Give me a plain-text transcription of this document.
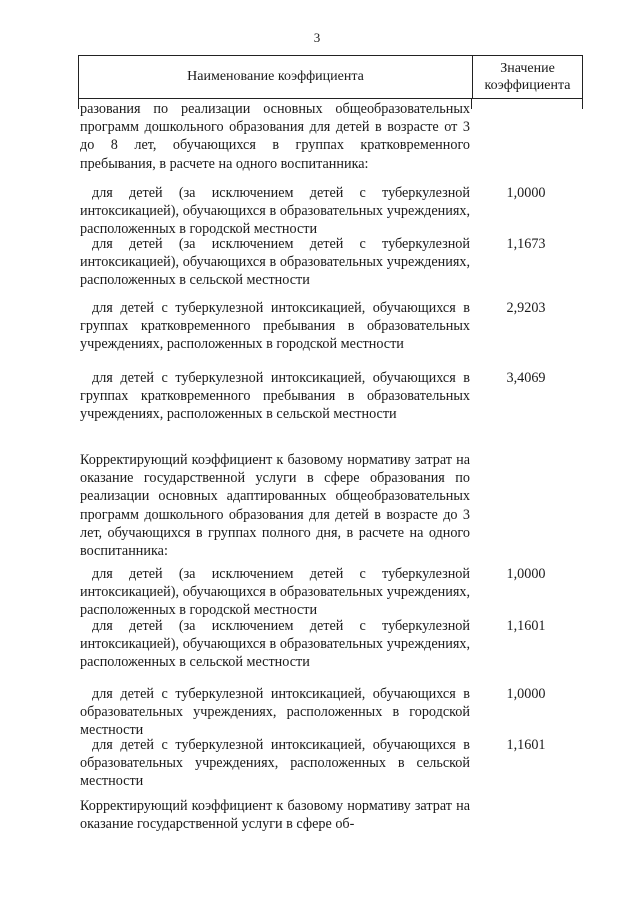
3
Наименование коэффициента
Значение
коэффициента

разования по реализации основных общеобразовательных программ дошкольного образования для детей в возрасте от 3 до 8 лет, обучающихся в группах кратковременного пребывания, в расчете на одного воспитанника:

для детей (за исключением детей с туберкулезной интоксикацией), обучающихся в образовательных учреждениях, расположенных в городской местности

для детей (за исключением детей с туберкулезной интоксикацией), обучающихся в образовательных учреждениях, расположенных в сельской местности

для детей с туберкулезной интоксикацией, обучающихся в группах кратковременного пребывания в образовательных учреждениях, расположенных в городской местности

для детей с туберкулезной интоксикацией, обучающихся в группах кратковременного пребывания в образовательных учреждениях, расположенных в сельской местности

Корректирующий коэффициент к базовому нормативу затрат на оказание государственной услуги в сфере образования по реализации основных адаптированных общеобразовательных программ дошкольного образования для детей в возрасте до 3 лет, обучающихся в группах полного дня, в расчете на одного воспитанника:

для детей (за исключением детей с туберкулезной интоксикацией), обучающихся в образовательных учреждениях, расположенных в городской местности

для детей (за исключением детей с туберкулезной интоксикацией), обучающихся в образовательных учреждениях, расположенных в сельской местности

для детей с туберкулезной интоксикацией, обучающихся в образовательных учреждениях, расположенных в городской местности

для детей с туберкулезной интоксикацией, обучающихся в образовательных учреждениях, расположенных в сельской местности

Корректирующий коэффициент к базовому нормативу затрат на оказание государственной услуги в сфере об-

1,0000
1,1673
2,9203
3,4069
1,0000
1,1601
1,0000
1,1601
